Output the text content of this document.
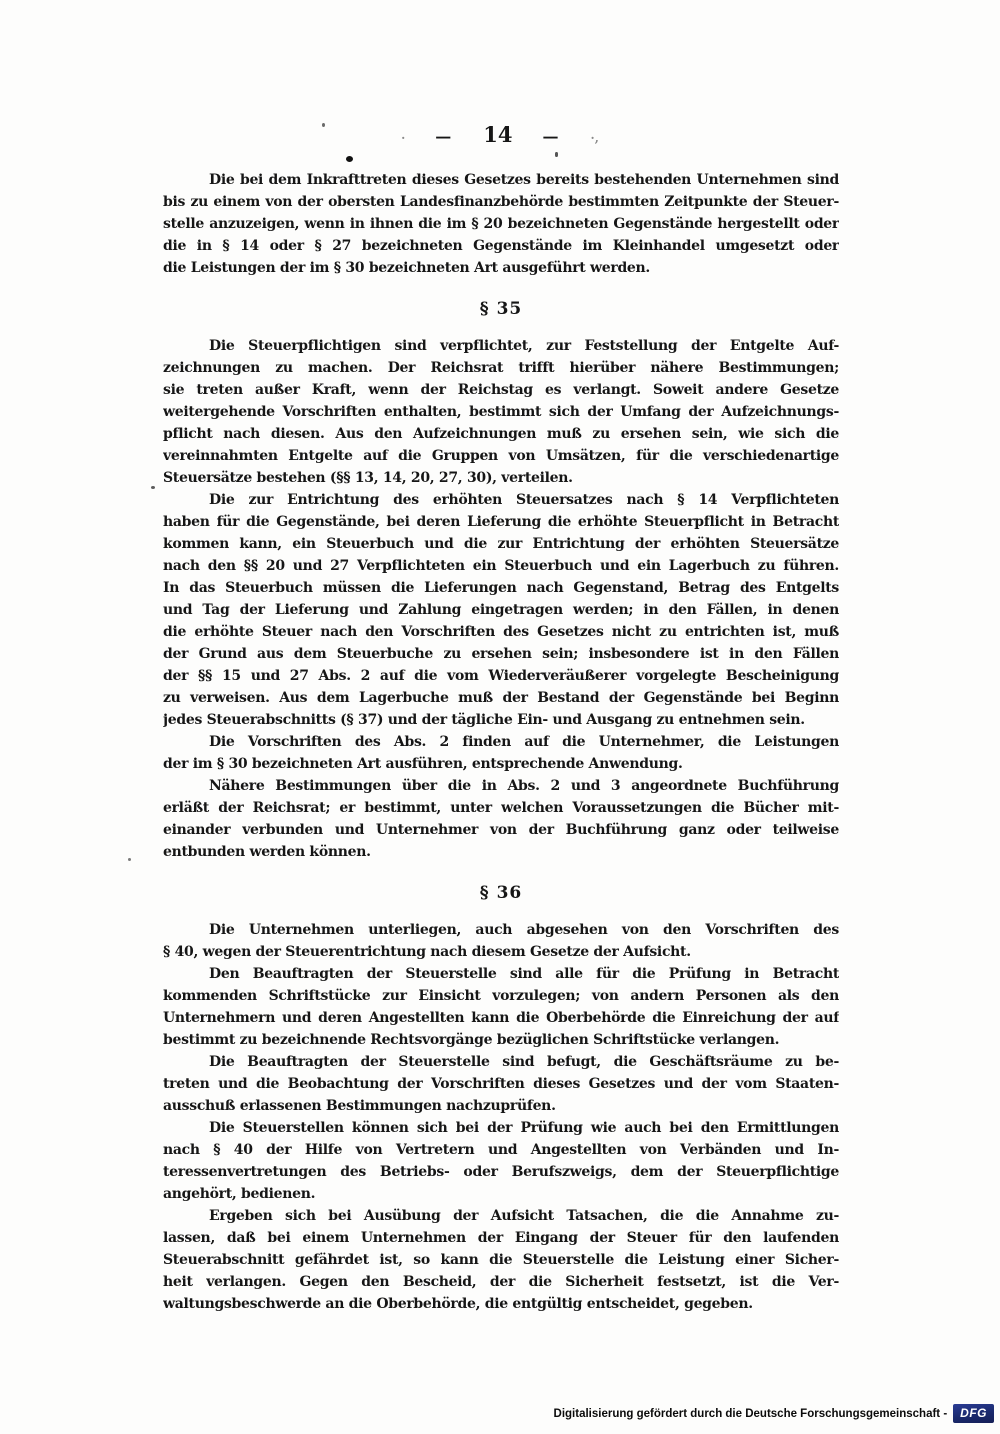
· — 14 —	·,
Die bei dem Inkrafttreten dieses Gesetzes bereits bestehenden Unternehmen sind
bis zu einem von der obersten Landesfinanzbehörde bestimmten Zeitpunkte der Steuer-
stelle anzuzeigen, wenn in ihnen die im § 20 bezeichneten Gegenstände hergestellt oder
die in § 14 oder § 27 bezeichneten Gegenstände im Kleinhandel umgesetzt oder
die Leistungen der im § 30 bezeichneten Art ausgeführt werden.
§ 35
Die Steuerpflichtigen sind verpflichtet, zur Feststellung der Entgelte Auf-
zeichnungen zu machen. Der Reichsrat trifft hierüber nähere Bestimmungen;
sie treten außer Kraft, wenn der Reichstag es verlangt. Soweit andere Gesetze
weitergehende Vorschriften enthalten, bestimmt sich der Umfang der Aufzeichnungs-
pflicht nach diesen. Aus den Aufzeichnungen muß zu ersehen sein, wie sich die
vereinnahmten Entgelte auf die Gruppen von Umsätzen, für die verschiedenartige
Steuersätze bestehen (§§ 13, 14, 20, 27, 30), verteilen.
Die zur Entrichtung des erhöhten Steuersatzes nach § 14 Verpflichteten
haben für die Gegenstände, bei deren Lieferung die erhöhte Steuerpflicht in Betracht
kommen kann, ein Steuerbuch und die zur Entrichtung der erhöhten Steuersätze
nach den §§ 20 und 27 Verpflichteten ein Steuerbuch und ein Lagerbuch zu führen.
In das Steuerbuch müssen die Lieferungen nach Gegenstand, Betrag des Entgelts
und Tag der Lieferung und Zahlung eingetragen werden; in den Fällen, in denen
die erhöhte Steuer nach den Vorschriften des Gesetzes nicht zu entrichten ist, muß
der Grund aus dem Steuerbuche zu ersehen sein; insbesondere ist in den Fällen
der §§ 15 und 27 Abs. 2 auf die vom Wiederveräußerer vorgelegte Bescheinigung
zu verweisen. Aus dem Lagerbuche muß der Bestand der Gegenstände bei Beginn
jedes Steuerabschnitts (§ 37) und der tägliche Ein- und Ausgang zu entnehmen sein.
Die Vorschriften des Abs. 2 finden auf die Unternehmer, die Leistungen
der im § 30 bezeichneten Art ausführen, entsprechende Anwendung.
Nähere Bestimmungen über die in Abs. 2 und 3 angeordnete Buchführung
erläßt der Reichsrat; er bestimmt, unter welchen Voraussetzungen die Bücher mit-
einander verbunden und Unternehmer von der Buchführung ganz oder teilweise
entbunden werden können.
§ 36
Die Unternehmen unterliegen, auch abgesehen von den Vorschriften des
§ 40, wegen der Steuerentrichtung nach diesem Gesetze der Aufsicht.
Den Beauftragten der Steuerstelle sind alle für die Prüfung in Betracht
kommenden Schriftstücke zur Einsicht vorzulegen; von andern Personen als den
Unternehmern und deren Angestellten kann die Oberbehörde die Einreichung der auf
bestimmt zu bezeichnende Rechtsvorgänge bezüglichen Schriftstücke verlangen.
Die Beauftragten der Steuerstelle sind befugt, die Geschäftsräume zu be-
treten und die Beobachtung der Vorschriften dieses Gesetzes und der vom Staaten-
ausschuß erlassenen Bestimmungen nachzuprüfen.
Die Steuerstellen können sich bei der Prüfung wie auch bei den Ermittlungen
nach § 40 der Hilfe von Vertretern und Angestellten von Verbänden und In-
teressenvertretungen des Betriebs- oder Berufszweigs, dem der Steuerpflichtige
angehört, bedienen.
Ergeben sich bei Ausübung der Aufsicht Tatsachen, die die Annahme zu-
lassen, daß bei einem Unternehmen der Eingang der Steuer für den laufenden
Steuerabschnitt gefährdet ist, so kann die Steuerstelle die Leistung einer Sicher-
heit verlangen. Gegen den Bescheid, der die Sicherheit festsetzt, ist die Ver-
waltungsbeschwerde an die Oberbehörde, die entgültig entscheidet, gegeben.
Digitalisierung gefördert durch die Deutsche Forschungsgemeinschaft -	DFG
